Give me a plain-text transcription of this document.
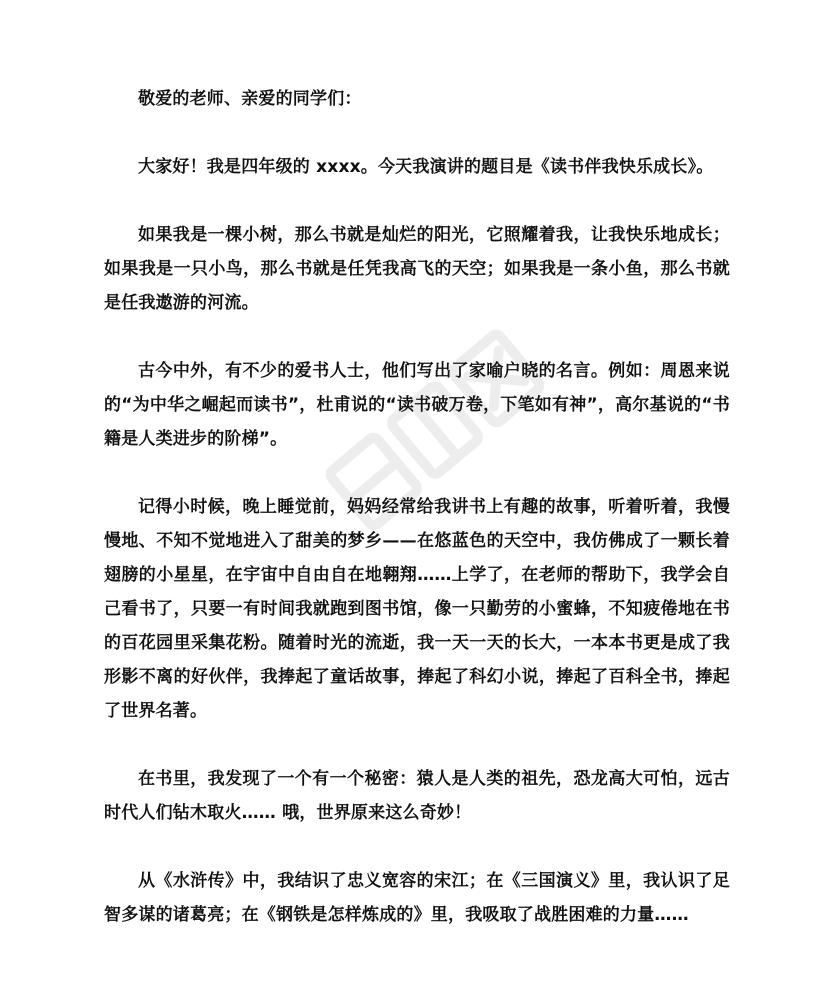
敬爱的老师、亲爱的同学们：

大家好！我是四年级的 xxxx。今天我演讲的题目是《读书伴我快乐成长》。

如果我是一棵小树，那么书就是灿烂的阳光，它照耀着我，让我快乐地成长；如果我是一只小鸟，那么书就是任凭我高飞的天空；如果我是一条小鱼，那么书就是任我遨游的河流。

古今中外，有不少的爱书人士，他们写出了家喻户晓的名言。例如：周恩来说的“为中华之崛起而读书”，杜甫说的“读书破万卷，下笔如有神”，高尔基说的“书籍是人类进步的阶梯”。

记得小时候，晚上睡觉前，妈妈经常给我讲书上有趣的故事，听着听着，我慢慢地、不知不觉地进入了甜美的梦乡——在悠蓝色的天空中，我仿佛成了一颗长着翅膀的小星星，在宇宙中自由自在地翱翔……上学了，在老师的帮助下，我学会自己看书了，只要一有时间我就跑到图书馆，像一只勤劳的小蜜蜂，不知疲倦地在书的百花园里采集花粉。随着时光的流逝，我一天一天的长大，一本本书更是成了我形影不离的好伙伴，我捧起了童话故事，捧起了科幻小说，捧起了百科全书，捧起了世界名著。

在书里，我发现了一个有一个秘密：猿人是人类的祖先，恐龙高大可怕，远古时代人们钻木取火…… 哦，世界原来这么奇妙！

从《水浒传》中，我结识了忠义宽容的宋江；在《三国演义》里，我认识了足智多谋的诸葛亮；在《钢铁是怎样炼成的》里，我吸取了战胜困难的力量……
